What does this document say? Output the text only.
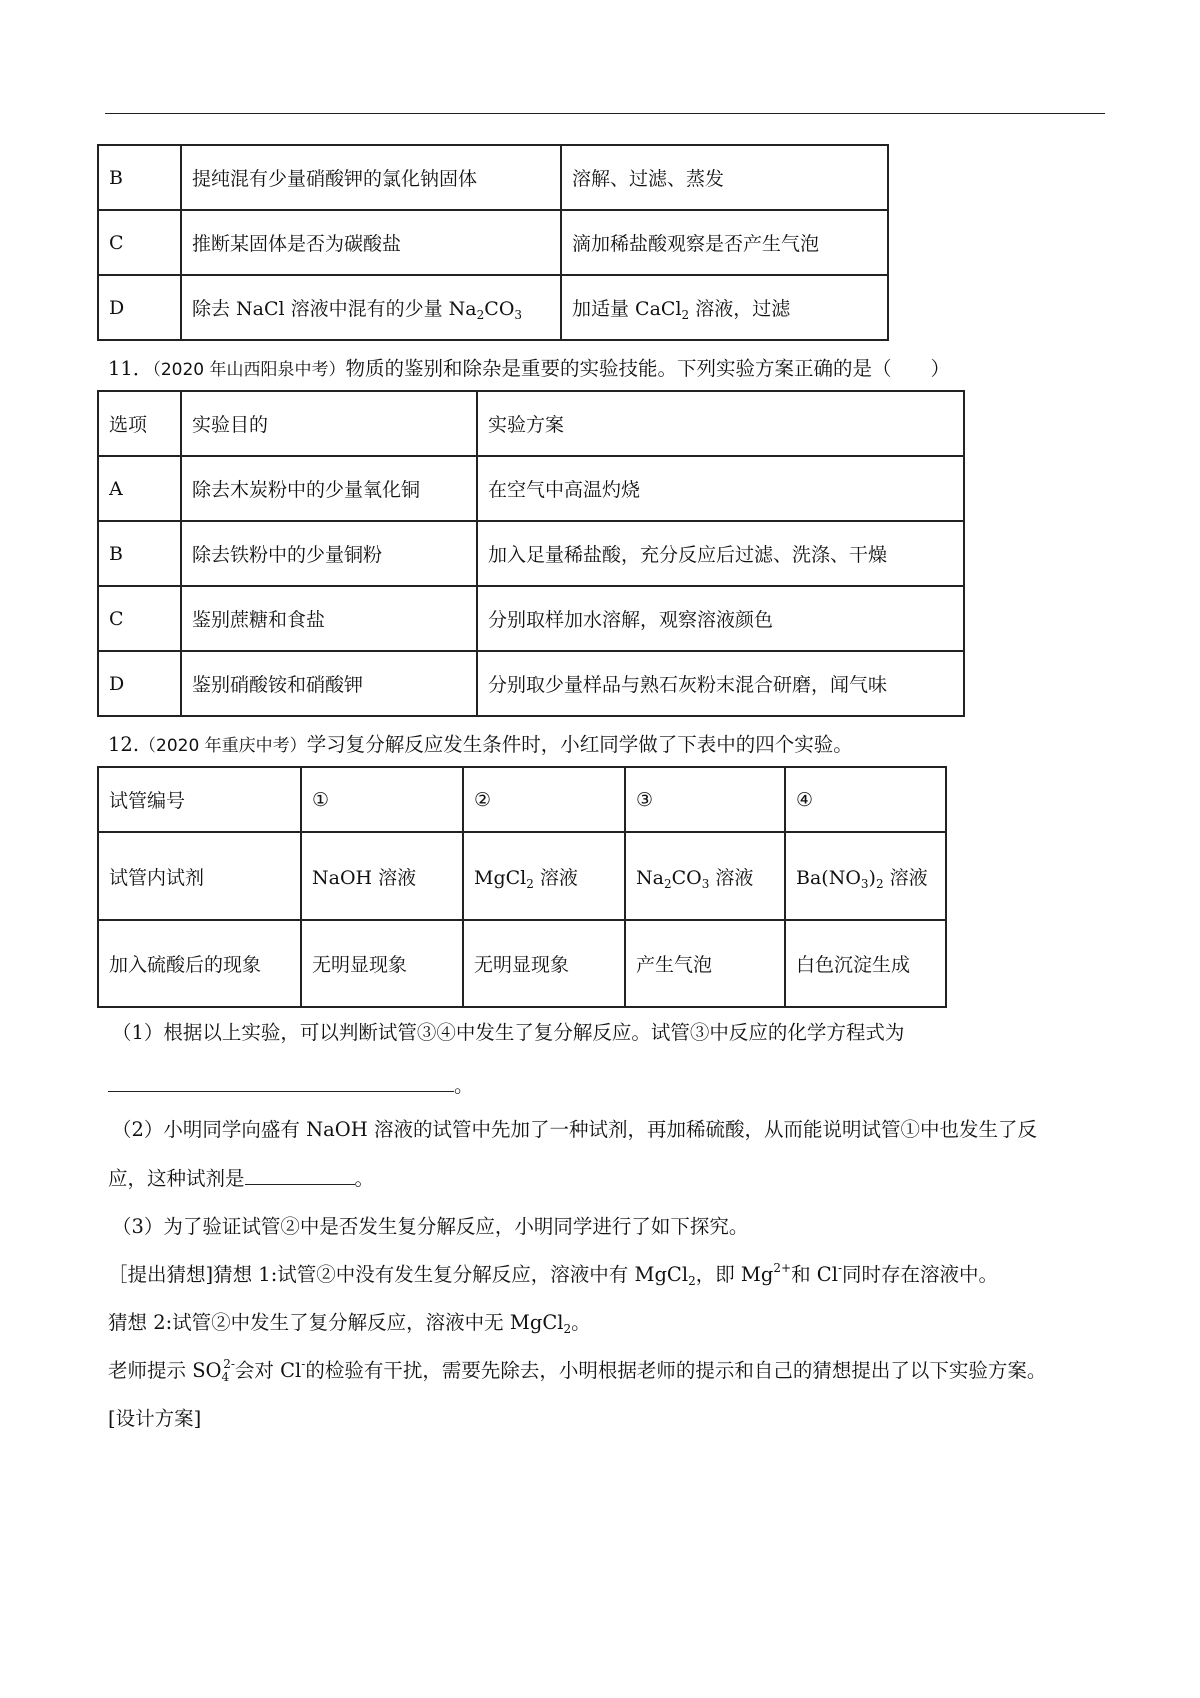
B	提纯混有少量硝酸钾的氯化钠固体	溶解、过滤、蒸发
C	推断某固体是否为碳酸盐	滴加稀盐酸观察是否产生气泡
D	除去 NaCl 溶液中混有的少量 $Na_2CO_3$	加适量 CaCl$_2$ 溶液，过滤
11．（2020 年山西阳泉中考）物质的鉴别和除杂是重要的实验技能。下列实验方案正确的是（　　）
选项	实验目的	实验方案
A	除去木炭粉中的少量氧化铜	在空气中高温灼烧
B	除去铁粉中的少量铜粉	加入足量稀盐酸，充分反应后过滤、洗涤、干燥
C	鉴别蔗糖和食盐	分别取样加水溶解，观察溶液颜色
D	鉴别硝酸铵和硝酸钾	分别取少量样品与熟石灰粉末混合研磨，闻气味
12.（2020 年重庆中考）学习复分解反应发生条件时，小红同学做了下表中的四个实验。
试管编号	①	②	③	④
试管内试剂	NaOH 溶液	MgCl$_2$ 溶液	$Na_2CO_3$ 溶液	$Ba(NO_3)_2$ 溶液
加入硫酸后的现象	无明显现象	无明显现象	产生气泡	白色沉淀生成
（1）根据以上实验，可以判断试管③④中发生了复分解反应。试管③中反应的化学方程式为
。
（2）小明同学向盛有 NaOH 溶液的试管中先加了一种试剂，再加稀硫酸，从而能说明试管①中也发生了反
应，这种试剂是	。
（3）为了验证试管②中是否发生复分解反应，小明同学进行了如下探究。
［提出猜想]猜想 1:试管②中没有发生复分解反应，溶液中有 MgCl$_2$，即 $Mg^{2+}$和 Cl-同时存在溶液中。
猜想 2:试管②中发生了复分解反应，溶液中无 MgCl$_2$。
老师提示 $SO_4^{2-}$会对 Cl-的检验有干扰，需要先除去，小明根据老师的提示和自己的猜想提出了以下实验方案。
[设计方案]
